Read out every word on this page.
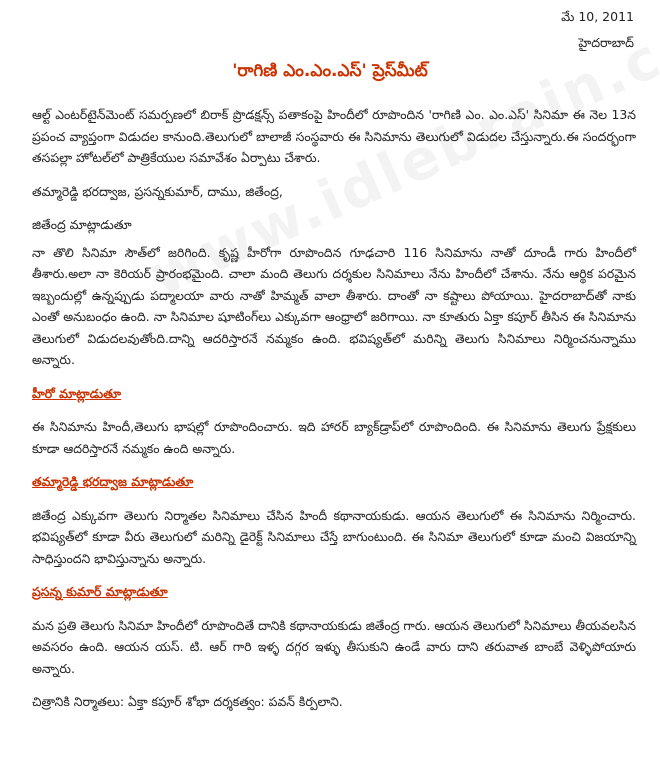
మే 10, 2011
హైదరాబాద్
'రాగిణి ఎం.ఎం.ఎస్' ప్రెస్‌మీట్

ఆల్ట్ ఎంటర్‌టైన్‌మెంట్ సమర్పణలో బిరాక్ ప్రొడక్షన్స్ పతాకంపై హిందీలో రూపొందిన 'రాగిణి ఎం. ఎం.ఎస్' సినిమా ఈ నెల 13న ప్రపంచ వ్యాప్తంగా విడుదల కానుంది.తెలుగులో బాలాజీ సంస్థవారు ఈ సినిమాను తెలుగులో విడుదల చేస్తున్నారు.ఈ సందర్భంగా తసపల్లా హోటల్‌లో పాత్రికేయుల సమావేశం ఏర్పాటు చేశారు.

తమ్మారెడ్డి భరద్వాజ, ప్రసన్నకుమార్, దాము, జితేంద్ర,

జితేంద్ర మాట్లాడుతూ

నా తొలి సినిమా సౌత్‌లో జరిగింది. కృష్ణ హీరోగా రూపొందిన గూఢచారి 116 సినిమాను నాతో దూండీ గారు హిందీలో తీశారు.అలా నా కెరియర్ ప్రారంభమైంది. చాలా మంది తెలుగు దర్శకుల సినిమాలు నేను హిందీలో చేశాను. నేను ఆర్థిక పరమైన ఇబ్బందుల్లో ఉన్నప్పుడు పద్మాలయా వారు నాతో హిమ్మత్ వాలా తీశారు. దాంతో నా కష్టాలు పోయాయి. హైదరాబాద్‌తో నాకు ఎంతో అనుబంధం ఉంది. నా సినిమాల షూటింగ్‌లు ఎక్కువగా ఆంధ్రాలో జరిగాయి. నా కూతురు ఏక్తా కపూర్ తీసిన ఈ సినిమాను తెలుగులో విడుదలవుతోంది.దాన్ని ఆదరిస్తారనే నమ్మకం ఉంది. భవిష్యత్‌లో మరిన్ని తెలుగు సినిమాలు నిర్మించనున్నాము అన్నారు.

హీరో మాట్లాడుతూ

ఈ సినిమాను హిందీ,తెలుగు భాషల్లో రూపొందించారు. ఇది హారర్ బ్యాక్‌డ్రాప్‌లో రూపొందింది. ఈ సినిమాను తెలుగు ప్రేక్షకులు కూడా ఆదరిస్తారనే నమ్మకం ఉంది అన్నారు.

తమ్మారెడ్డి భరద్వాజ మాట్లాడుతూ

జితేంద్ర ఎక్కువగా తెలుగు నిర్మాతల సినిమాలు చేసిన హిందీ కథానాయకుడు. ఆయన తెలుగులో ఈ సినిమాను నిర్మించారు. భవిష్యత్‌లో కూడా వీరు తెలుగులో మరిన్ని డైరెక్ట్ సినిమాలు చేస్తే బాగుంటుంది. ఈ సినిమా తెలుగులో కూడా మంచి విజయాన్ని సాధిస్తుందని భావిస్తున్నాను అన్నారు.

ప్రసన్న కుమార్ మాట్లాడుతూ

మన ప్రతి తెలుగు సినిమా హిందీలో రూపొందితే దానికి కథానాయకుడు జితేంద్ర గారు. ఆయన తెలుగులో సినిమాలు తీయవలసిన అవసరం ఉంది. ఆయన యస్. టి. ఆర్ గారి ఇళ్ళ దగ్గర ఇళ్ళు తీసుకుని ఉండే వారు దాని తరువాత బాంబే వెళ్ళిపోయారు అన్నారు.

చిత్రానికి నిర్మాతలు: ఏక్తా కపూర్ శోభా దర్శకత్వం: పవన్ కిర్పలాని.
